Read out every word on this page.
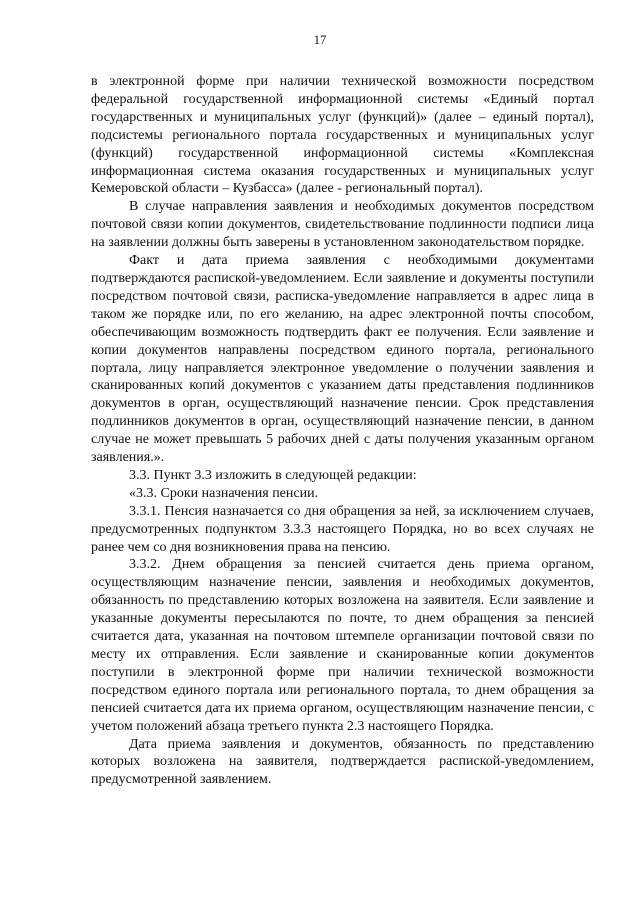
17

в электронной форме при наличии технической возможности посредством федеральной государственной информационной системы «Единый портал государственных и муниципальных услуг (функций)» (далее – единый портал), подсистемы регионального портала государственных и муниципальных услуг (функций) государственной информационной системы «Комплексная информационная система оказания государственных и муниципальных услуг Кемеровской области – Кузбасса» (далее - региональный портал).

В случае направления заявления и необходимых документов посредством почтовой связи копии документов, свидетельствование подлинности подписи лица на заявлении должны быть заверены в установленном законодательством порядке.

Факт и дата приема заявления с необходимыми документами подтверждаются распиской-уведомлением. Если заявление и документы поступили посредством почтовой связи, расписка-уведомление направляется в адрес лица в таком же порядке или, по его желанию, на адрес электронной почты способом, обеспечивающим возможность подтвердить факт ее получения. Если заявление и копии документов направлены посредством единого портала, регионального портала, лицу направляется электронное уведомление о получении заявления и сканированных копий документов с указанием даты представления подлинников документов в орган, осуществляющий назначение пенсии. Срок представления подлинников документов в орган, осуществляющий назначение пенсии, в данном случае не может превышать 5 рабочих дней с даты получения указанным органом заявления.».

3.3. Пункт 3.3 изложить в следующей редакции:

«3.3. Сроки назначения пенсии.

3.3.1. Пенсия назначается со дня обращения за ней, за исключением случаев, предусмотренных подпунктом 3.3.3 настоящего Порядка, но во всех случаях не ранее чем со дня возникновения права на пенсию.

3.3.2. Днем обращения за пенсией считается день приема органом, осуществляющим назначение пенсии, заявления и необходимых документов, обязанность по представлению которых возложена на заявителя. Если заявление и указанные документы пересылаются по почте, то днем обращения за пенсией считается дата, указанная на почтовом штемпеле организации почтовой связи по месту их отправления. Если заявление и сканированные копии документов поступили в электронной форме при наличии технической возможности посредством единого портала или регионального портала, то днем обращения за пенсией считается дата их приема органом, осуществляющим назначение пенсии, с учетом положений абзаца третьего пункта 2.3 настоящего Порядка.

Дата приема заявления и документов, обязанность по представлению которых возложена на заявителя, подтверждается распиской-уведомлением, предусмотренной заявлением.
